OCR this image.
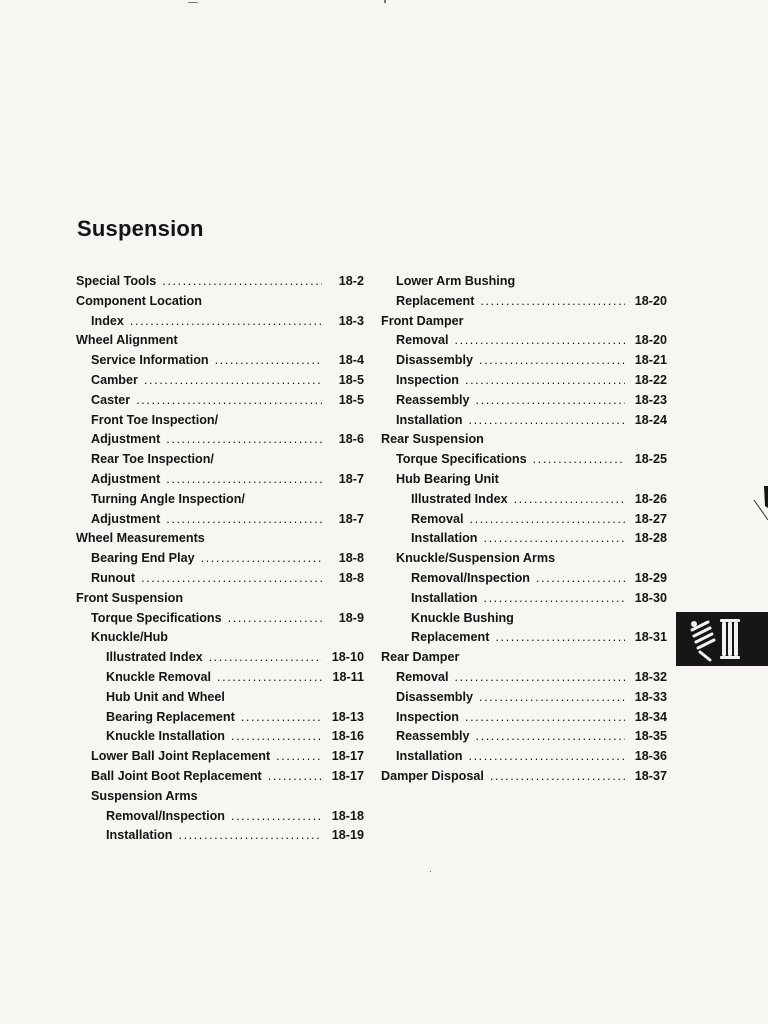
Suspension
Special Tools .....	18-2
Component Location
Index .....	18-3
Wheel Alignment
Service Information .....	18-4
Camber .....	18-5
Caster .....	18-5
Front Toe Inspection/
Adjustment .....	18-6
Rear Toe Inspection/
Adjustment .....	18-7
Turning Angle Inspection/
Adjustment .....	18-7
Wheel Measurements
Bearing End Play .....	18-8
Runout .....	18-8
Front Suspension
Torque Specifications .....	18-9
Knuckle/Hub
Illustrated Index .....	18-10
Knuckle Removal .....	18-11
Hub Unit and Wheel
Bearing Replacement .....	18-13
Knuckle Installation .....	18-16
Lower Ball Joint Replacement .....	18-17
Ball Joint Boot Replacement .....	18-17
Suspension Arms
Removal/Inspection .....	18-18
Installation .....	18-19
Lower Arm Bushing
Replacement .....	18-20
Front Damper
Removal .....	18-20
Disassembly .....	18-21
Inspection .....	18-22
Reassembly .....	18-23
Installation .....	18-24
Rear Suspension
Torque Specifications .....	18-25
Hub Bearing Unit
Illustrated Index .....	18-26
Removal .....	18-27
Installation .....	18-28
Knuckle/Suspension Arms
Removal/Inspection .....	18-29
Installation .....	18-30
Knuckle Bushing
Replacement .....	18-31
Rear Damper
Removal .....	18-32
Disassembly .....	18-33
Inspection .....	18-34
Reassembly .....	18-35
Installation .....	18-36
Damper Disposal .....	18-37
